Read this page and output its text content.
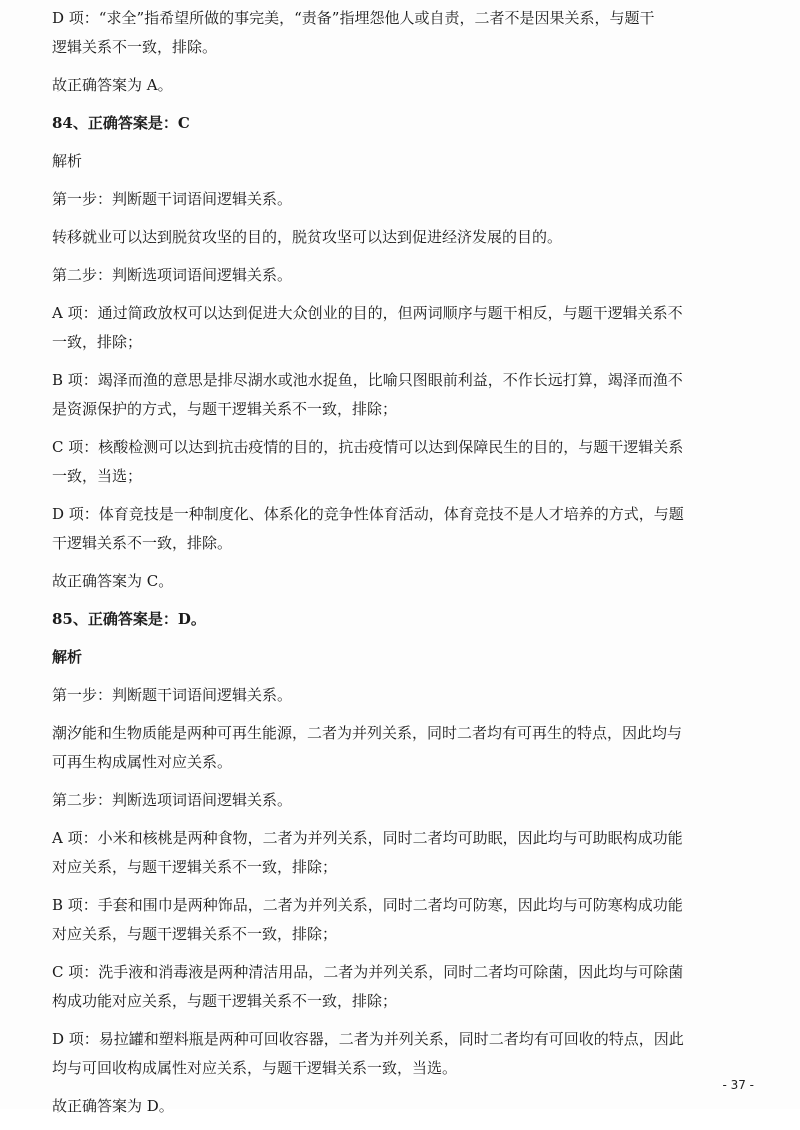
D 项：“求全”指希望所做的事完美，“责备”指埋怨他人或自责，二者不是因果关系，与题干

逻辑关系不一致，排除。

故正确答案为 A。

84、正确答案是：C

解析

第一步：判断题干词语间逻辑关系。

转移就业可以达到脱贫攻坚的目的，脱贫攻坚可以达到促进经济发展的目的。

第二步：判断选项词语间逻辑关系。

A 项：通过简政放权可以达到促进大众创业的目的，但两词顺序与题干相反，与题干逻辑关系不

一致，排除；

B 项：竭泽而渔的意思是排尽湖水或池水捉鱼，比喻只图眼前利益，不作长远打算，竭泽而渔不

是资源保护的方式，与题干逻辑关系不一致，排除；

C 项：核酸检测可以达到抗击疫情的目的，抗击疫情可以达到保障民生的目的，与题干逻辑关系

一致，当选；

D 项：体育竞技是一种制度化、体系化的竞争性体育活动，体育竞技不是人才培养的方式，与题

干逻辑关系不一致，排除。

故正确答案为 C。

85、正确答案是：D。

解析

第一步：判断题干词语间逻辑关系。

潮汐能和生物质能是两种可再生能源，二者为并列关系，同时二者均有可再生的特点，因此均与

可再生构成属性对应关系。

第二步：判断选项词语间逻辑关系。

A 项：小米和核桃是两种食物，二者为并列关系，同时二者均可助眠，因此均与可助眠构成功能

对应关系，与题干逻辑关系不一致，排除；

B 项：手套和围巾是两种饰品，二者为并列关系，同时二者均可防寒，因此均与可防寒构成功能

对应关系，与题干逻辑关系不一致，排除；

C 项：洗手液和消毒液是两种清洁用品，二者为并列关系，同时二者均可除菌，因此均与可除菌

构成功能对应关系，与题干逻辑关系不一致，排除；

D 项：易拉罐和塑料瓶是两种可回收容器，二者为并列关系，同时二者均有可回收的特点，因此

均与可回收构成属性对应关系，与题干逻辑关系一致，当选。

故正确答案为 D。

- 37 -
